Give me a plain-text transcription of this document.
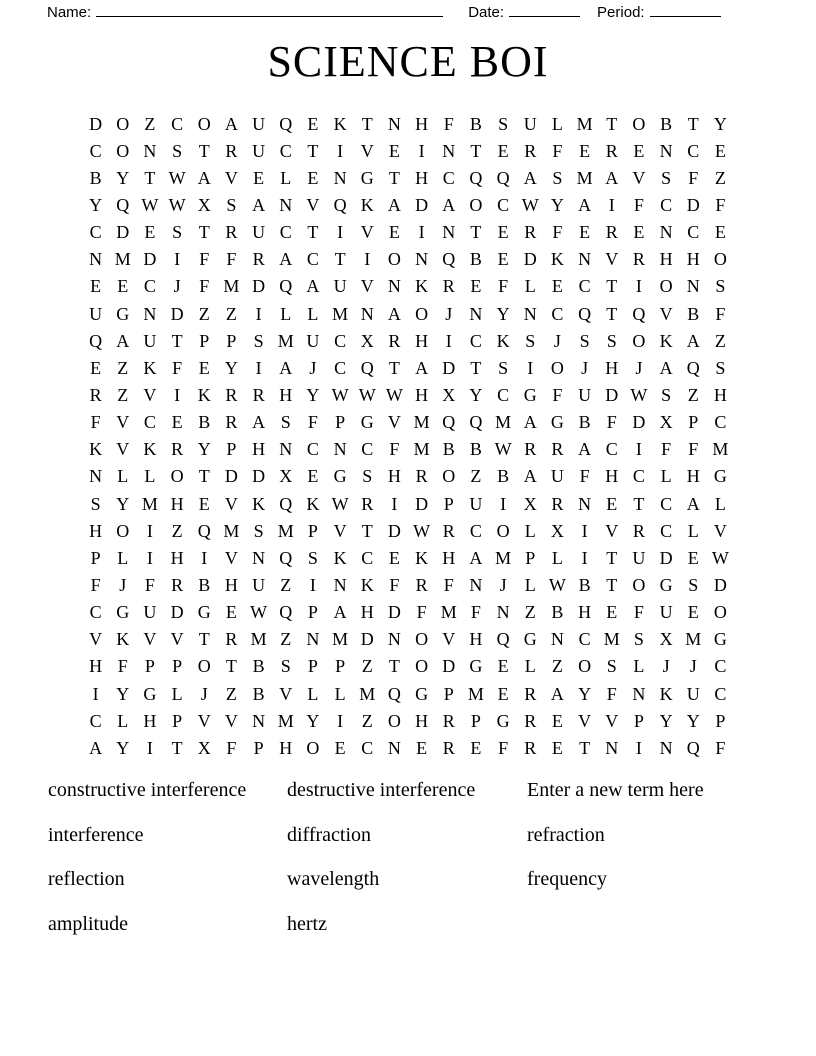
Name:	Date:	Period:
SCIENCE BOI
D O Z C O A U Q E K T N H F B S U L M T O B T Y
C O N S T R U C T	I V E	I N T E R F E R E N C E
B Y T W A V E L E N G T H C Q Q A S M A V S F Z
Y Q W W X S A N V Q K A D A O C W Y A I	F C D F
C D E S T R U C T	I V E	I N T E R F E R E N C E
N M D I	F F R A C T	I O N Q B E D K N V R H H O
E E C J	F M D Q A U V N K R E F L E C T	I O N S
U G N D Z Z	I	L L M N A O J N Y N C Q T Q V B F
Q A U T P P S M U C X R H I	C K S	J	S S O K A Z
E Z K F E Y I A J C Q T A D T S	I O J H J A Q S
R Z V I K R R H Y W W W H X Y C G F U D W S Z H
F V C E B R A S F P G V M Q Q M A G B F D X P C
K V K R Y P H N C N C F M B B W R R A C	I	F F M
N L L O T D D X E G S H R O Z B A U F H C L H G
S Y M H E V K Q K W R	I D P U I X R N E T C A L
H O I	Z Q M S M P V T D W R C O L X I V R C L V
P L	I H I V N Q S K C E K H A M P L	I	T U D E W
F	J	F R B H U Z	I N K F R F N J	L W B T O G S D
C G U D G E W Q P A H D F M F N Z B H E F U E O
V K V V T R M Z N M D N O V H Q G N C M S X M G
H F P P O T B S P P Z T O D G E L Z O S L	J	J C
I Y G L	J	Z B V L L M Q G P M E R A Y F N K U C
C L H P V V N M Y I	Z O H R P G R E V V P Y Y P
A Y I	T X F P H O E C N E R E F R E T N I N Q F
constructive interference
interference
reflection
amplitude
destructive interference
diffraction
wavelength
hertz
Enter a new term here
refraction
frequency
